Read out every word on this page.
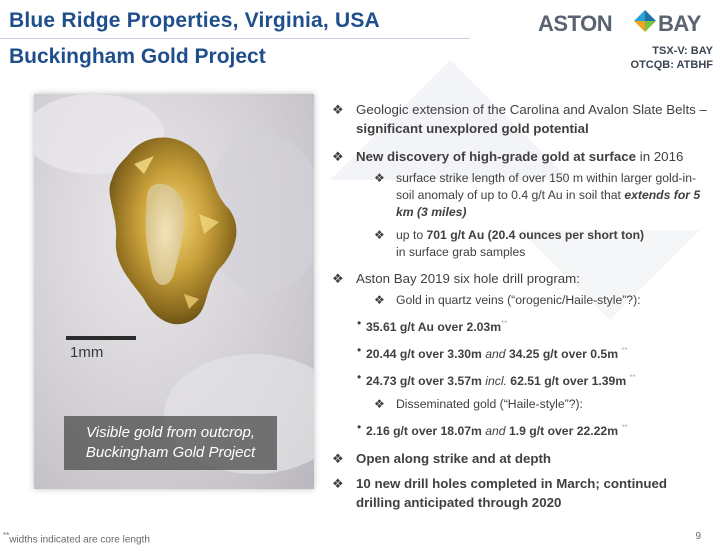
Blue Ridge Properties, Virginia, USA
Buckingham Gold Project
ASTON BAY
TSX-V: BAY
OTCQB: ATBHF
1mm
Visible gold from outcrop,
Buckingham Gold Project
❖ Geologic extension of the Carolina and Avalon Slate Belts – significant unexplored gold potential
❖ New discovery of high-grade gold at surface in 2016
❖ surface strike length of over 150 m within larger gold-in-soil anomaly of up to 0.4 g/t Au in soil that extends for 5 km (3 miles)
❖ up to 701 g/t Au (20.4 ounces per short ton)
in surface grab samples
❖ Aston Bay 2019 six hole drill program:
❖ Gold in quartz veins (“orogenic/Haile-style”?):
• 35.61 g/t Au over 2.03m**
• 20.44 g/t over 3.30m and 34.25 g/t over 0.5m **
• 24.73 g/t over 3.57m incl. 62.51 g/t over 1.39m **
❖ Disseminated gold (“Haile-style”?):
• 2.16 g/t over 18.07m and 1.9 g/t over 22.22m **
❖ Open along strike and at depth
❖ 10 new drill holes completed in March; continued drilling anticipated through 2020
**widths indicated are core length	9
